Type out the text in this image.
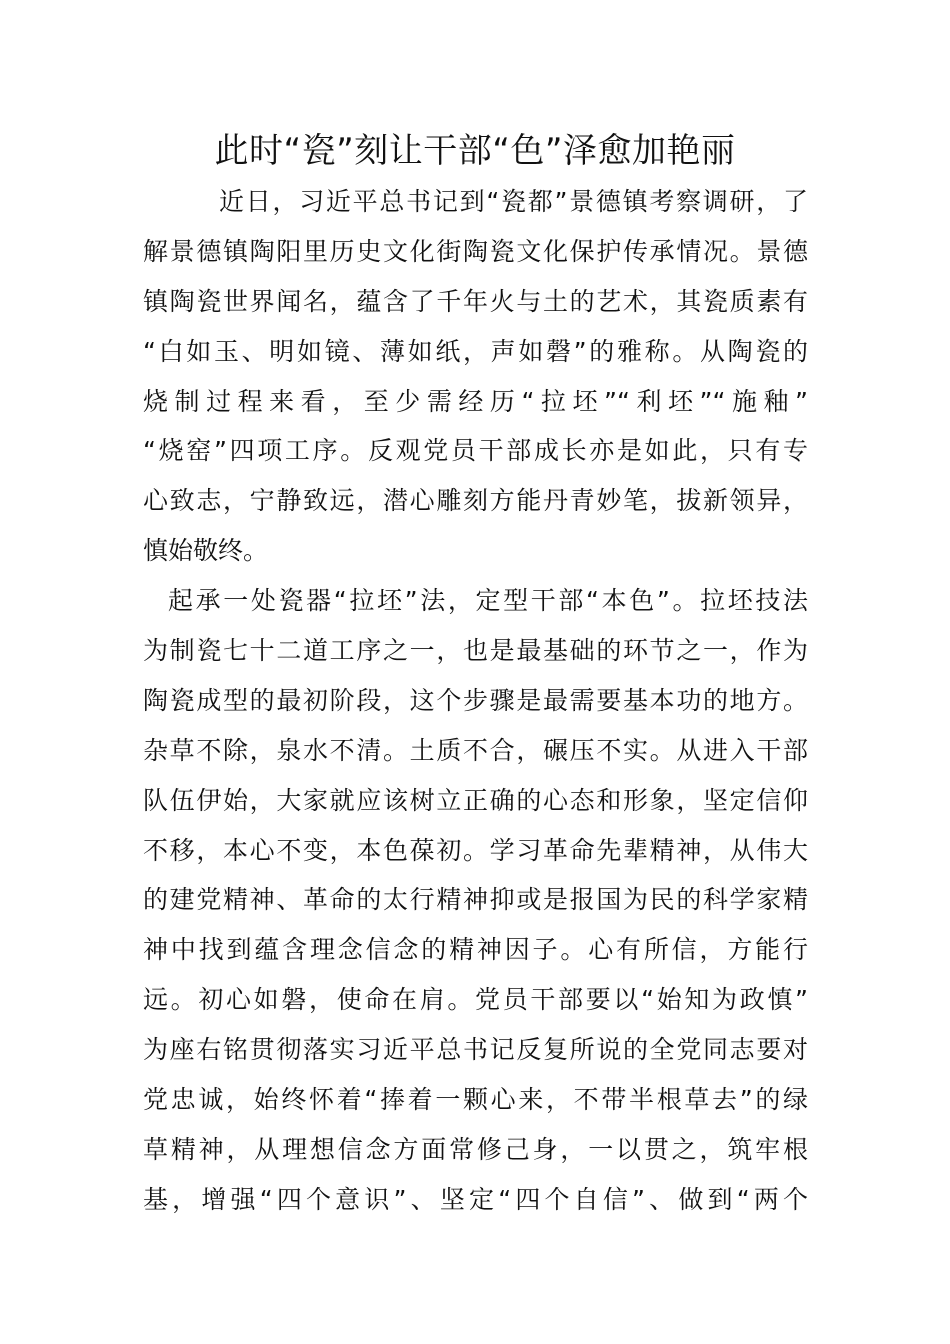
此时“瓷”刻让干部“色”泽愈加艳丽
近日，习近平总书记到“瓷都”景德镇考察调研，了
解景德镇陶阳里历史文化街陶瓷文化保护传承情况。景德
镇陶瓷世界闻名，蕴含了千年火与土的艺术，其瓷质素有
“白如玉、明如镜、薄如纸，声如磬”的雅称。从陶瓷的
烧制过程来看，至少需经历“拉坯”“利坯”“施釉”
“烧窑”四项工序。反观党员干部成长亦是如此，只有专
心致志，宁静致远，潜心雕刻方能丹青妙笔，拔新领异，
慎始敬终。
起承一处瓷器“拉坯”法，定型干部“本色”。拉坯技法
为制瓷七十二道工序之一，也是最基础的环节之一，作为
陶瓷成型的最初阶段，这个步骤是最需要基本功的地方。
杂草不除，泉水不清。土质不合，碾压不实。从进入干部
队伍伊始，大家就应该树立正确的心态和形象，坚定信仰
不移，本心不变，本色葆初。学习革命先辈精神，从伟大
的建党精神、革命的太行精神抑或是报国为民的科学家精
神中找到蕴含理念信念的精神因子。心有所信，方能行
远。初心如磐，使命在肩。党员干部要以“始知为政慎”
为座右铭贯彻落实习近平总书记反复所说的全党同志要对
党忠诚，始终怀着“捧着一颗心来，不带半根草去”的绿
草精神，从理想信念方面常修己身，一以贯之，筑牢根
基，增强“四个意识”、坚定“四个自信”、做到“两个
